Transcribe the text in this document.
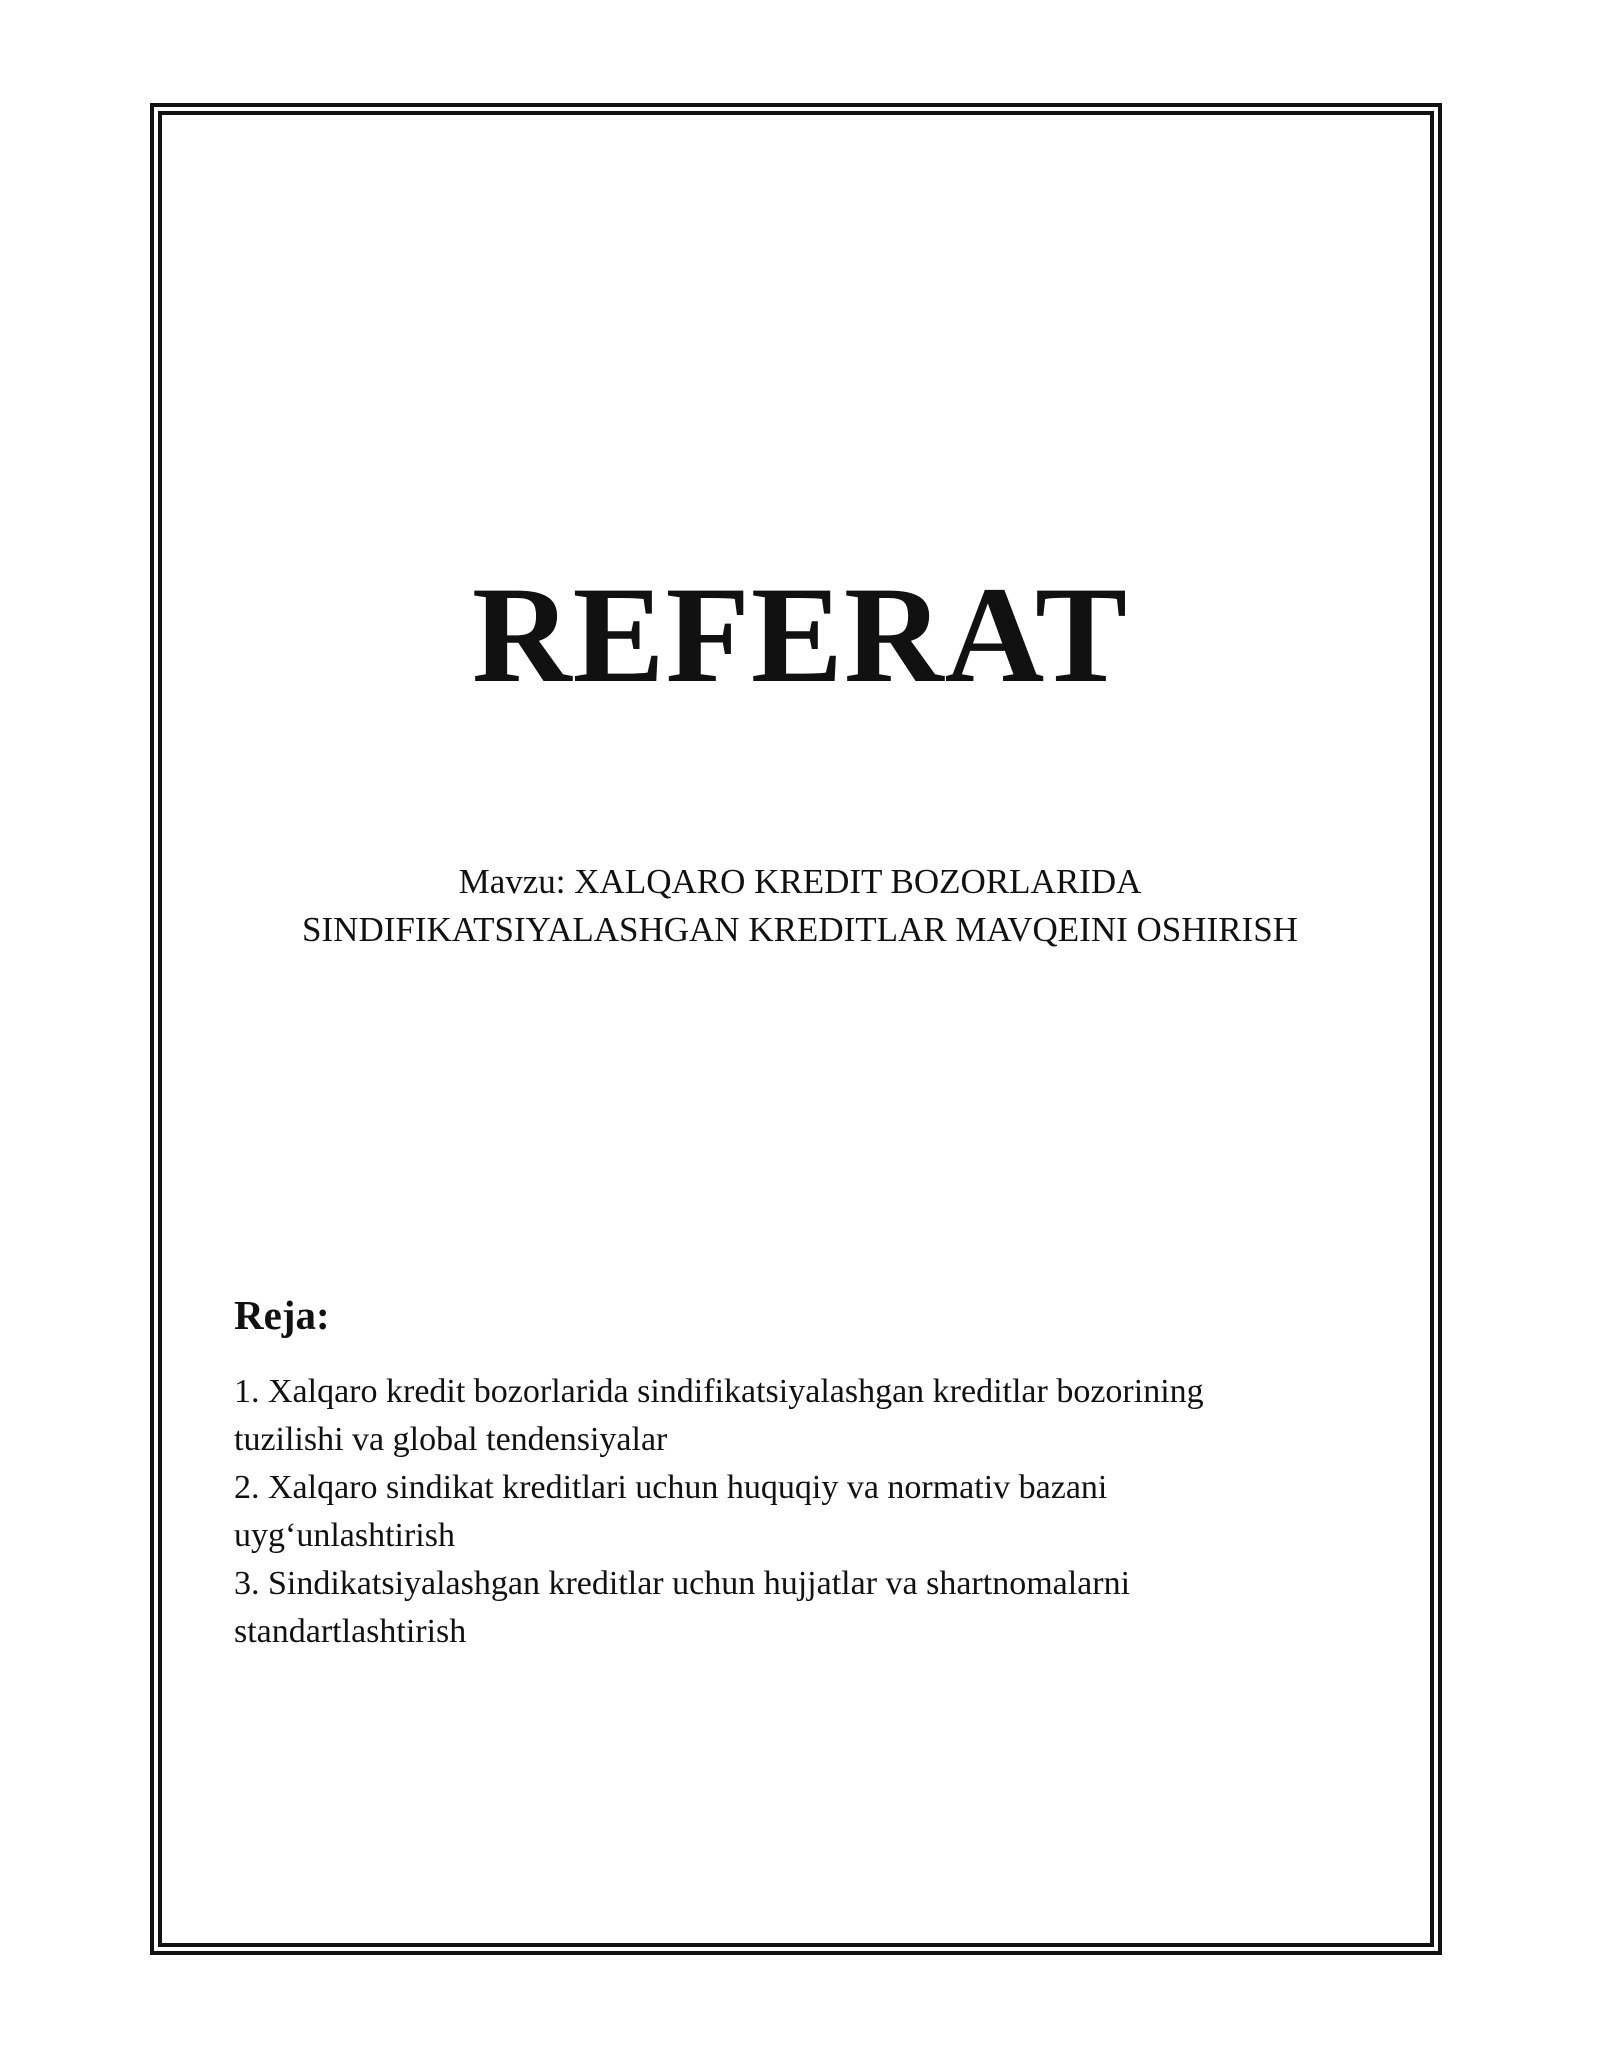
REFERAT
Mavzu: XALQARO KREDIT BOZORLARIDA
SINDIFIKATSIYALASHGAN KREDITLAR MAVQEINI OSHIRISH
Reja:
1. Xalqaro kredit bozorlarida sindifikatsiyalashgan kreditlar bozorining
tuzilishi va global tendensiyalar
2. Xalqaro sindikat kreditlari uchun huquqiy va normativ bazani
uyg‘unlashtirish
3. Sindikatsiyalashgan kreditlar uchun hujjatlar va shartnomalarni
standartlashtirish
